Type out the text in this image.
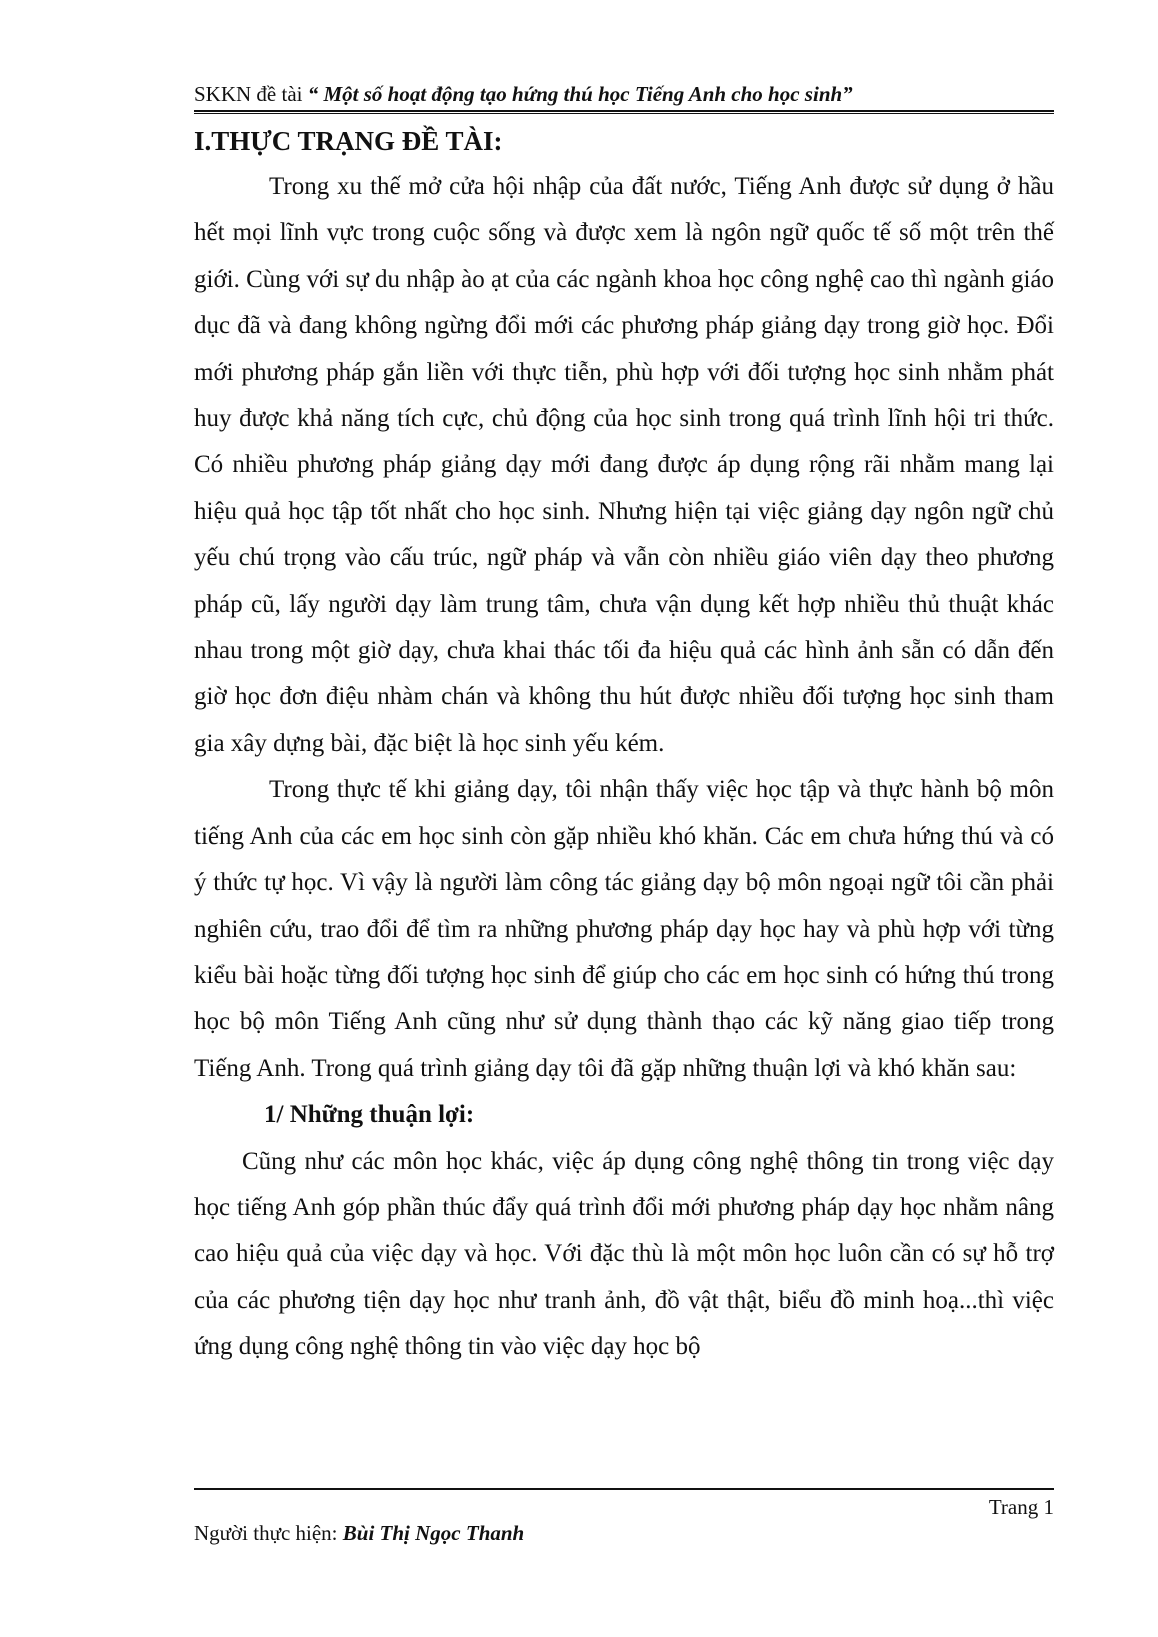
SKKN đề tài “ Một số hoạt động tạo hứng thú học Tiếng Anh cho học sinh”
I.THỰC TRẠNG ĐỀ TÀI:

Trong xu thế mở cửa hội nhập của đất nước, Tiếng Anh được sử dụng ở hầu hết mọi lĩnh vực trong cuộc sống và được xem là ngôn ngữ quốc tế số một trên thế giới. Cùng với sự du nhập ào ạt của các ngành khoa học công nghệ cao thì ngành giáo dục đã và đang không ngừng đổi mới các phương pháp giảng dạy trong giờ học. Đổi mới phương pháp gắn liền với thực tiễn, phù hợp với đối tượng học sinh nhằm phát huy được khả năng tích cực, chủ động của học sinh trong quá trình lĩnh hội tri thức. Có nhiều phương pháp giảng dạy mới đang được áp dụng rộng rãi nhằm mang lại hiệu quả học tập tốt nhất cho học sinh. Nhưng hiện tại việc giảng dạy ngôn ngữ chủ yếu chú trọng vào cấu trúc, ngữ pháp và vẫn còn nhiều giáo viên dạy theo phương pháp cũ, lấy người dạy làm trung tâm, chưa vận dụng kết hợp nhiều thủ thuật khác nhau trong một giờ dạy, chưa khai thác tối đa hiệu quả các hình ảnh sẵn có dẫn đến giờ học đơn điệu nhàm chán và không thu hút được nhiều đối tượng học sinh tham gia xây dựng bài, đặc biệt là học sinh yếu kém.

Trong thực tế khi giảng dạy, tôi nhận thấy việc học tập và thực hành bộ môn tiếng Anh của các em học sinh còn gặp nhiều khó khăn. Các em chưa hứng thú và có ý thức tự học. Vì vậy là người làm công tác giảng dạy bộ môn ngoại ngữ tôi cần phải nghiên cứu, trao đổi để tìm ra những phương pháp dạy học hay và phù hợp với từng kiểu bài hoặc từng đối tượng học sinh để giúp cho các em học sinh có hứng thú trong học bộ môn Tiếng Anh cũng như sử dụng thành thạo các kỹ năng giao tiếp trong Tiếng Anh. Trong quá trình giảng dạy tôi đã gặp những thuận lợi và khó khăn sau:

1/ Những thuận lợi:

Cũng như các môn học khác, việc áp dụng công nghệ thông tin trong việc dạy học tiếng Anh góp phần thúc đẩy quá trình đổi mới phương pháp dạy học nhằm nâng cao hiệu quả của việc dạy và học. Với đặc thù là một môn học luôn cần có sự hỗ trợ của các phương tiện dạy học như tranh ảnh, đồ vật thật, biểu đồ minh hoạ...thì việc ứng dụng công nghệ thông tin vào việc dạy học bộ

Trang 1
Người thực hiện: Bùi Thị Ngọc Thanh
